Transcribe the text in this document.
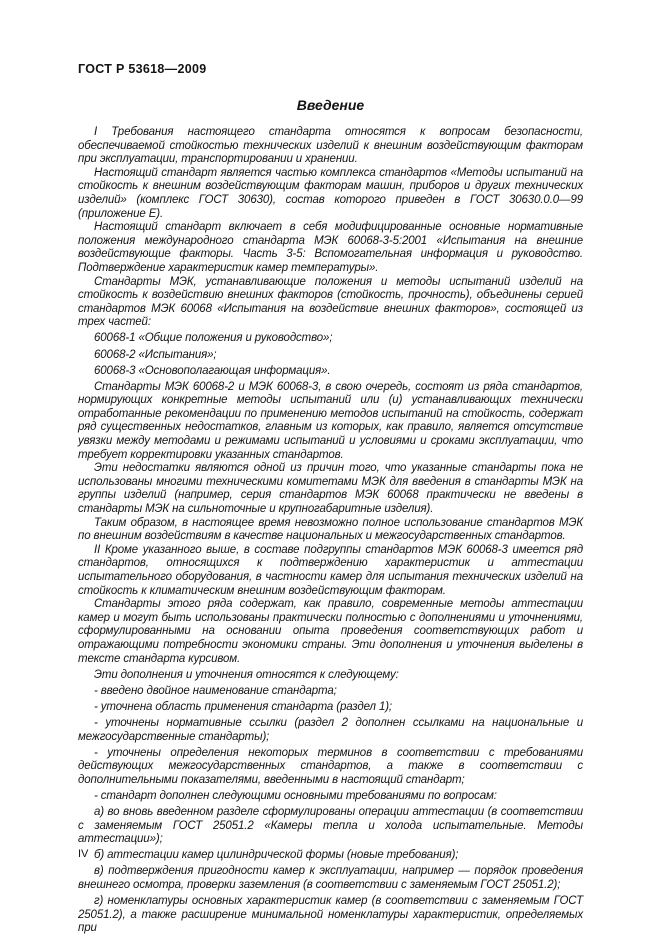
ГОСТ Р 53618—2009
Введение

I Требования настоящего стандарта относятся к вопросам безопасности, обеспечиваемой стойкостью технических изделий к внешним воздействующим факторам при эксплуатации, транспортировании и хранении.

Настоящий стандарт является частью комплекса стандартов «Методы испытаний на стойкость к внешним воздействующим факторам машин, приборов и других технических изделий» (комплекс ГОСТ 30630), состав которого приведен в ГОСТ 30630.0.0—99 (приложение Е).

Настоящий стандарт включает в себя модифицированные основные нормативные положения международного стандарта МЭК 60068-3-5:2001 «Испытания на внешние воздействующие факторы. Часть 3-5: Вспомогательная информация и руководство. Подтверждение характеристик камер температуры».

Стандарты МЭК, устанавливающие положения и методы испытаний изделий на стойкость к воздействию внешних факторов (стойкость, прочность), объединены серией стандартов МЭК 60068 «Испытания на воздействие внешних факторов», состоящей из трех частей:

60068-1 «Общие положения и руководство»;

60068-2 «Испытания»;

60068-3 «Основополагающая информация».

Стандарты МЭК 60068-2 и МЭК 60068-3, в свою очередь, состоят из ряда стандартов, нормирующих конкретные методы испытаний или (и) устанавливающих технически отработанные рекомендации по применению методов испытаний на стойкость, содержат ряд существенных недостатков, главным из которых, как правило, является отсутствие увязки между методами и режимами испытаний и условиями и сроками эксплуатации, что требует корректировки указанных стандартов.

Эти недостатки являются одной из причин того, что указанные стандарты пока не использованы многими техническими комитетами МЭК для введения в стандарты МЭК на группы изделий (например, серия стандартов МЭК 60068 практически не введены в стандарты МЭК на сильноточные и крупногабаритные изделия).

Таким образом, в настоящее время невозможно полное использование стандартов МЭК по внешним воздействиям в качестве национальных и межгосударственных стандартов.

II Кроме указанного выше, в составе подгруппы стандартов МЭК 60068-3 имеется ряд стандартов, относящихся к подтверждению характеристик и аттестации испытательного оборудования, в частности камер для испытания технических изделий на стойкость к климатическим внешним воздействующим факторам.

Стандарты этого ряда содержат, как правило, современные методы аттестации камер и могут быть использованы практически полностью с дополнениями и уточнениями, сформулированными на основании опыта проведения соответствующих работ и отражающими потребности экономики страны. Эти дополнения и уточнения выделены в тексте стандарта курсивом.

Эти дополнения и уточнения относятся к следующему:

- введено двойное наименование стандарта;

- уточнена область применения стандарта (раздел 1);

- уточнены нормативные ссылки (раздел 2 дополнен ссылками на национальные и межгосударственные стандарты);

- уточнены определения некоторых терминов в соответствии с требованиями действующих межгосударственных стандартов, а также в соответствии с дополнительными показателями, введенными в настоящий стандарт;

- стандарт дополнен следующими основными требованиями по вопросам:

а) во вновь введенном разделе сформулированы операции аттестации (в соответствии с заменяемым ГОСТ 25051.2 «Камеры тепла и холода испытательные. Методы аттестации»);

б) аттестации камер цилиндрической формы (новые требования);

в) подтверждения пригодности камер к эксплуатации, например — порядок проведения внешнего осмотра, проверки заземления (в соответствии с заменяемым ГОСТ 25051.2);

г) номенклатуры основных характеристик камер (в соответствии с заменяемым ГОСТ 25051.2), а также расширение минимальной номенклатуры характеристик, определяемых при

IV
